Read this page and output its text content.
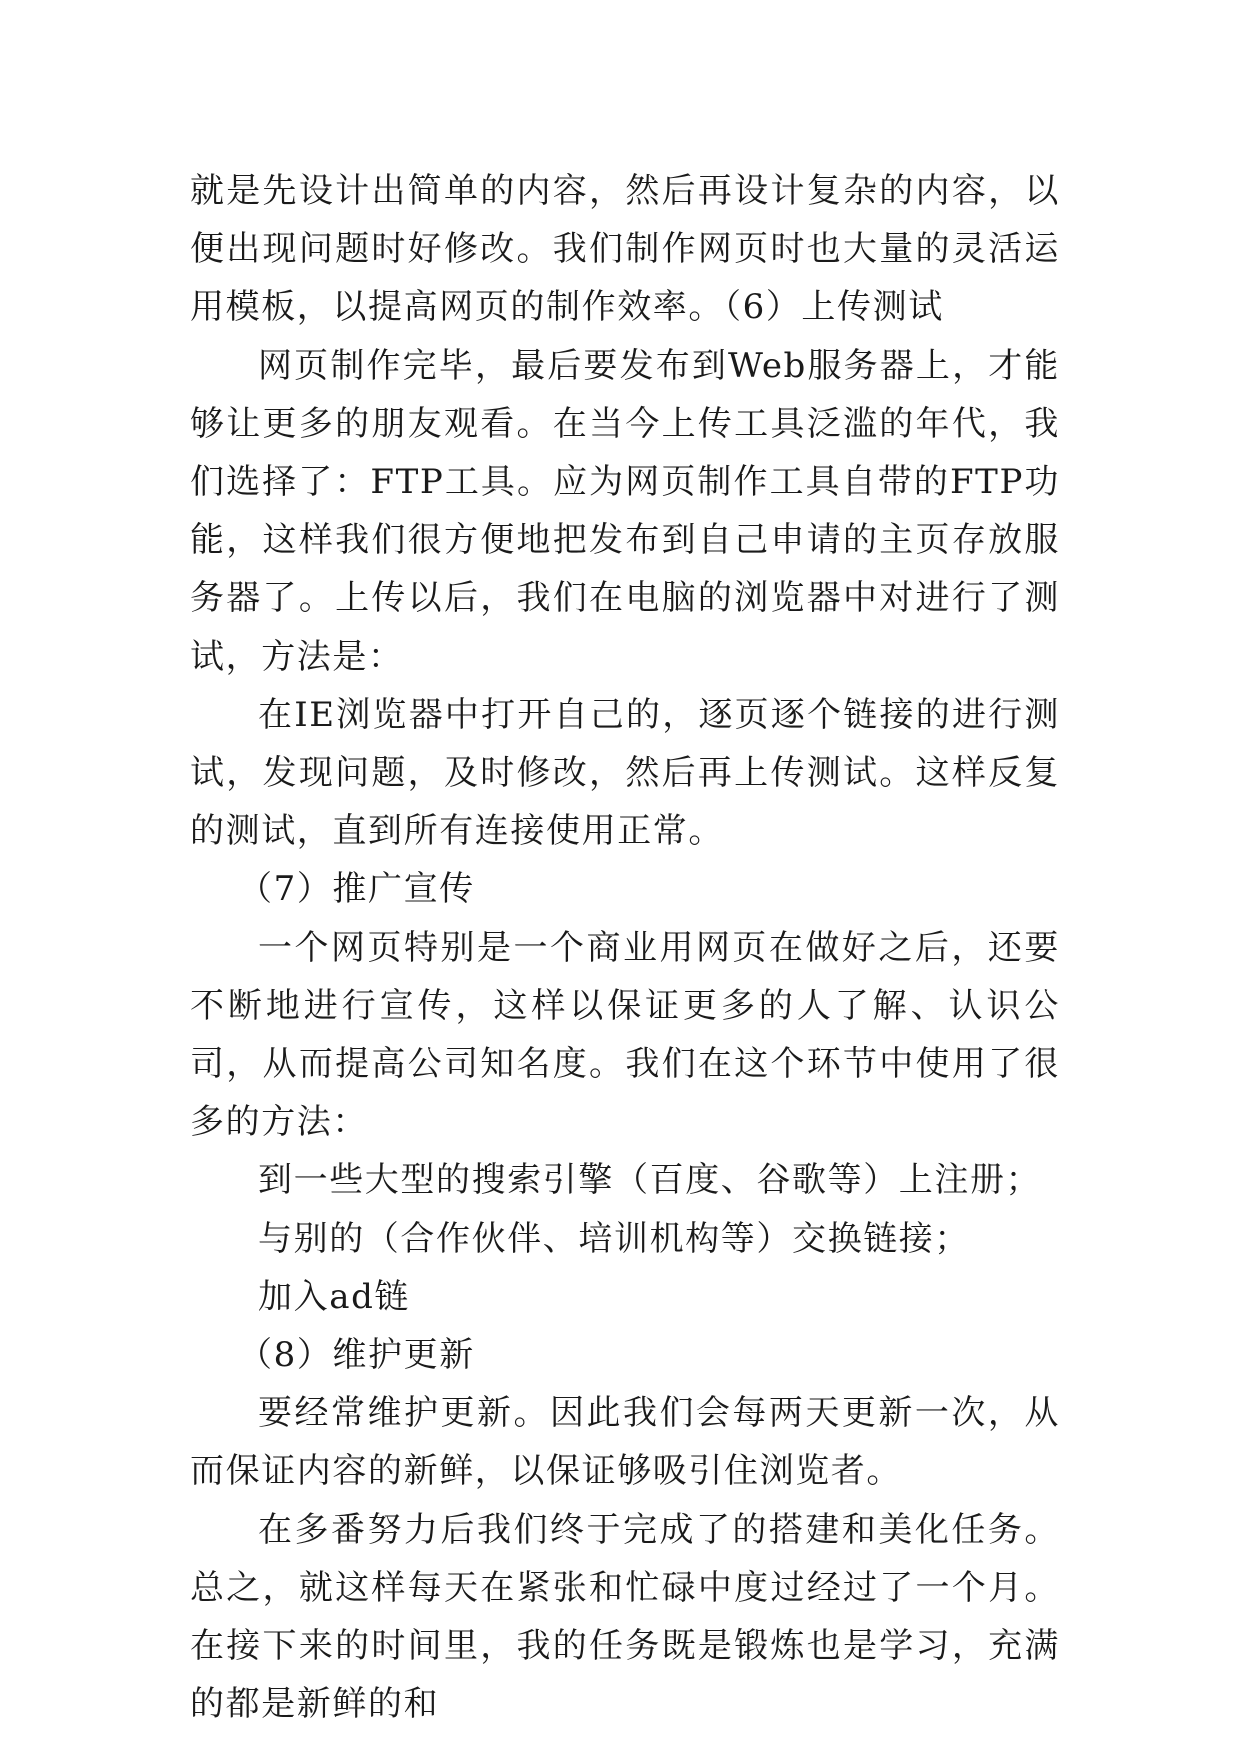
就是先设计出简单的内容，然后再设计复杂的内容，以便出现问题时好修改。我们制作网页时也大量的灵活运用模板，以提高网页的制作效率。（6）上传测试

网页制作完毕，最后要发布到Web服务器上，才能够让更多的朋友观看。在当今上传工具泛滥的年代，我们选择了：FTP工具。应为网页制作工具自带的FTP功能，这样我们很方便地把发布到自己申请的主页存放服务器了。上传以后，我们在电脑的浏览器中对进行了测试，方法是：

在IE浏览器中打开自己的，逐页逐个链接的进行测试，发现问题，及时修改，然后再上传测试。这样反复的测试，直到所有连接使用正常。

（7）推广宣传

一个网页特别是一个商业用网页在做好之后，还要不断地进行宣传，这样以保证更多的人了解、认识公司，从而提高公司知名度。我们在这个环节中使用了很多的方法：

到一些大型的搜索引擎（百度、谷歌等）上注册；

与别的（合作伙伴、培训机构等）交换链接；

加入ad链

（8）维护更新

要经常维护更新。因此我们会每两天更新一次，从而保证内容的新鲜，以保证够吸引住浏览者。

在多番努力后我们终于完成了的搭建和美化任务。总之，就这样每天在紧张和忙碌中度过经过了一个月。在接下来的时间里，我的任务既是锻炼也是学习，充满的都是新鲜的和
